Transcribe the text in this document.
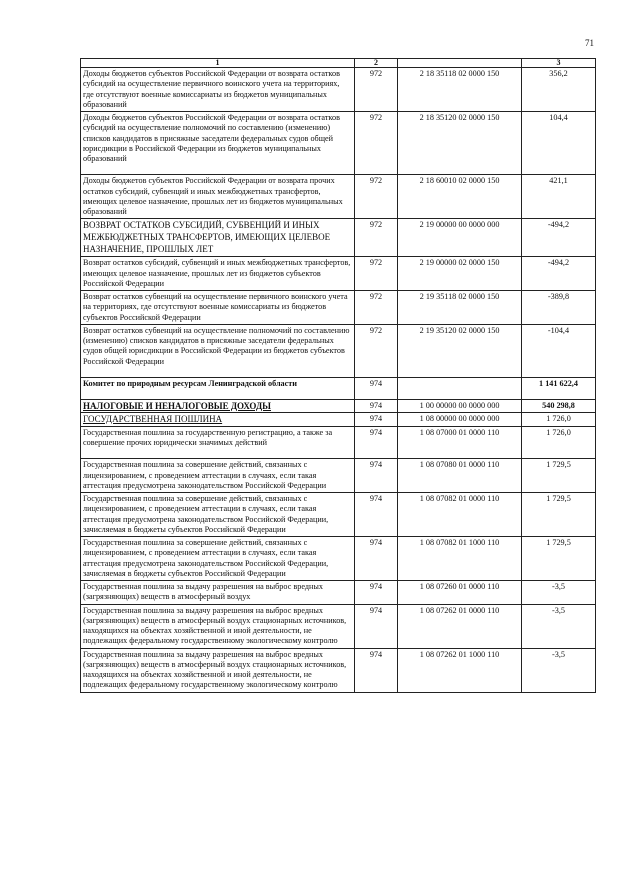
71
1	2		3
Доходы бюджетов субъектов Российской Федерации от возврата остатков субсидий на осуществление первичного воинского учета на территориях, где отсутствуют военные комиссариаты из бюджетов муниципальных образований	972	2 18 35118 02 0000 150	356,2
Доходы бюджетов субъектов Российской Федерации от возврата остатков субсидий на осуществление полномочий по составлению (изменению) списков кандидатов в присяжные заседатели федеральных судов общей юрисдикции в Российской Федерации из бюджетов муниципальных образований	972	2 18 35120 02 0000 150	104,4
Доходы бюджетов субъектов Российской Федерации от возврата прочих остатков субсидий, субвенций и иных межбюджетных трансфертов, имеющих целевое назначение, прошлых лет из бюджетов муниципальных образований	972	2 18 60010 02 0000 150	421,1
ВОЗВРАТ ОСТАТКОВ СУБСИДИЙ, СУБВЕНЦИЙ И ИНЫХ МЕЖБЮДЖЕТНЫХ ТРАНСФЕРТОВ, ИМЕЮЩИХ ЦЕЛЕВОЕ НАЗНАЧЕНИЕ, ПРОШЛЫХ ЛЕТ	972	2 19 00000 00 0000 000	-494,2
Возврат остатков субсидий, субвенций и иных межбюджетных трансфертов, имеющих целевое назначение, прошлых лет из бюджетов субъектов Российской Федерации	972	2 19 00000 02 0000 150	-494,2
Возврат остатков субвенций на осуществление первичного воинского учета на территориях, где отсутствуют военные комиссариаты из бюджетов субъектов Российской Федерации	972	2 19 35118 02 0000 150	-389,8
Возврат остатков субвенций на осуществление полномочий по составлению (изменению) списков кандидатов в присяжные заседатели федеральных судов общей юрисдикции в Российской Федерации из бюджетов субъектов Российской Федерации	972	2 19 35120 02 0000 150	-104,4
Комитет по природным ресурсам Ленинградской области	974		1 141 622,4
НАЛОГОВЫЕ И НЕНАЛОГОВЫЕ ДОХОДЫ	974	1 00 00000 00 0000 000	540 298,8
ГОСУДАРСТВЕННАЯ ПОШЛИНА	974	1 08 00000 00 0000 000	1 726,0
Государственная пошлина за государственную регистрацию, а также за совершение прочих юридически значимых действий	974	1 08 07000 01 0000 110	1 726,0
Государственная пошлина за совершение действий, связанных с лицензированием, с проведением аттестации в случаях, если такая аттестация предусмотрена законодательством Российской Федерации	974	1 08 07080 01 0000 110	1 729,5
Государственная пошлина за совершение действий, связанных с лицензированием, с проведением аттестации в случаях, если такая аттестация предусмотрена законодательством Российской Федерации, зачисляемая в бюджеты субъектов Российской Федерации	974	1 08 07082 01 0000 110	1 729,5
Государственная пошлина за совершение действий, связанных с лицензированием, с проведением аттестации в случаях, если такая аттестация предусмотрена законодательством Российской Федерации, зачисляемая в бюджеты субъектов Российской Федерации	974	1 08 07082 01 1000 110	1 729,5
Государственная пошлина за выдачу разрешения на выброс вредных (загрязняющих) веществ в атмосферный воздух	974	1 08 07260 01 0000 110	-3,5
Государственная пошлина за выдачу разрешения на выброс вредных (загрязняющих) веществ в атмосферный воздух стационарных источников, находящихся на объектах хозяйственной и иной деятельности, не подлежащих федеральному государственному экологическому контролю	974	1 08 07262 01 0000 110	-3,5
Государственная пошлина за выдачу разрешения на выброс вредных (загрязняющих) веществ в атмосферный воздух стационарных источников, находящихся на объектах хозяйственной и иной деятельности, не подлежащих федеральному государственному экологическому контролю	974	1 08 07262 01 1000 110	-3,5
